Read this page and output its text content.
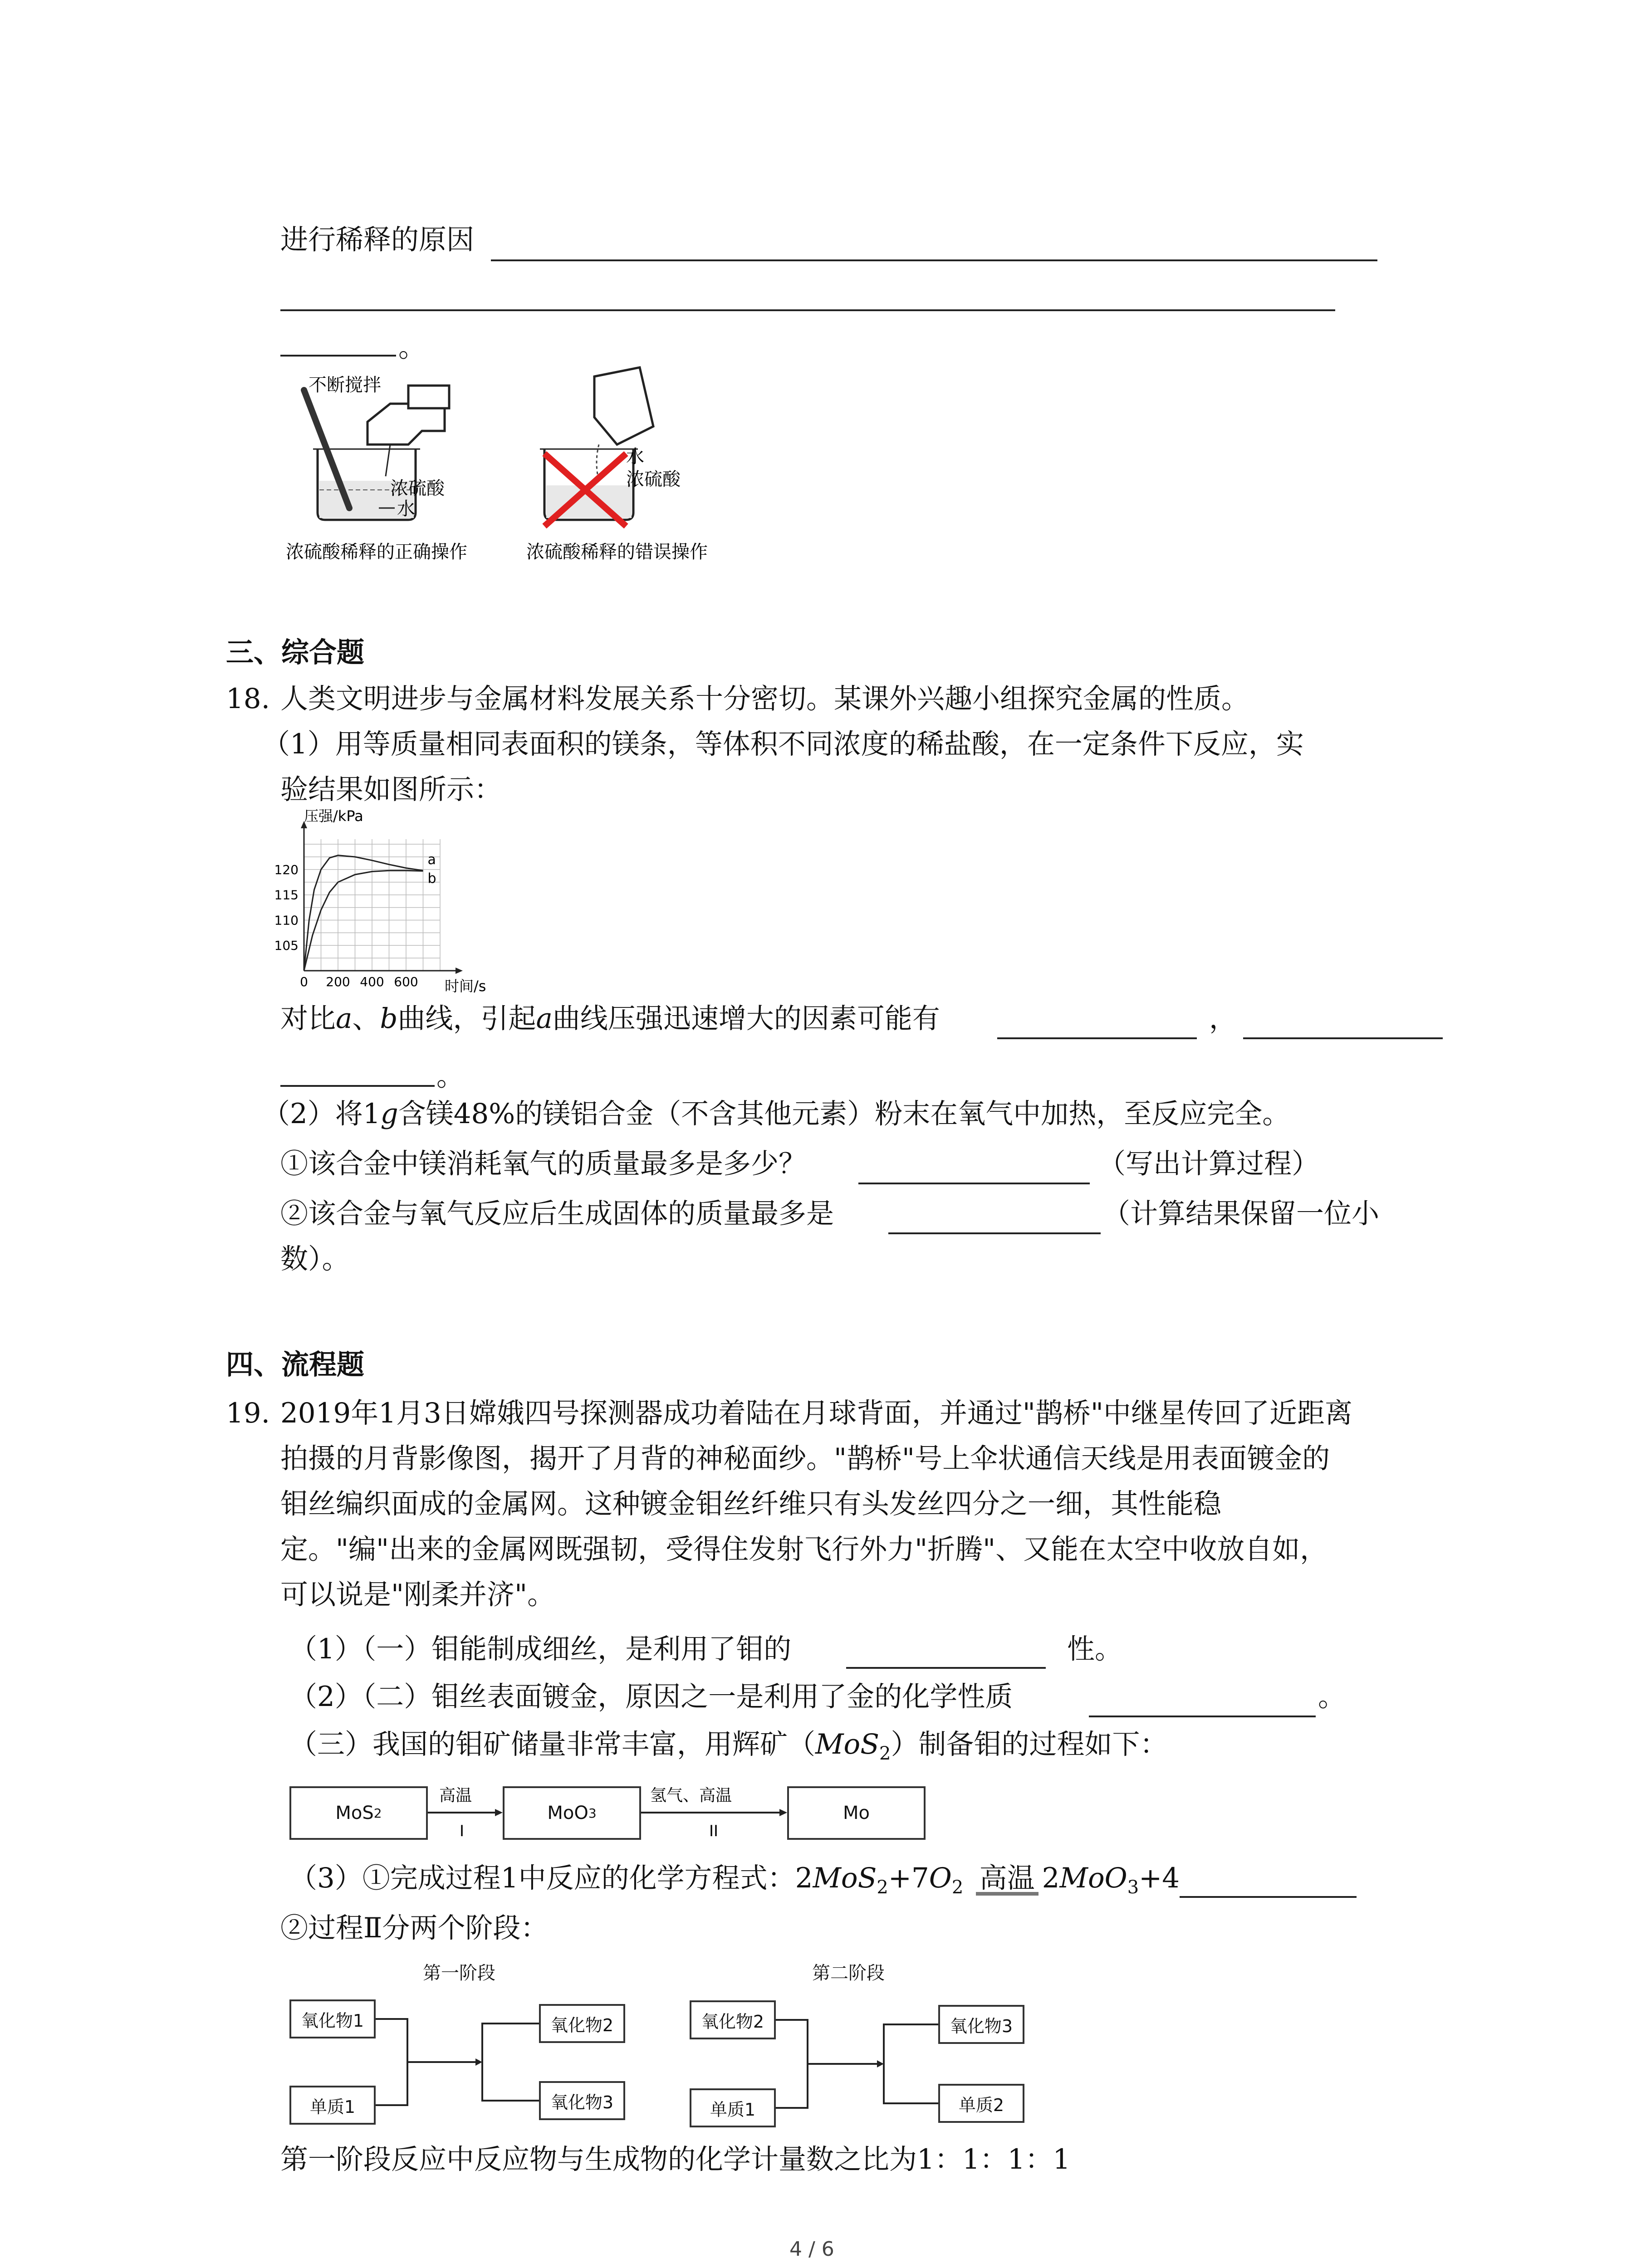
进行稀释的原因
。
不断搅拌
浓硫酸
水
浓硫酸稀释的正确操作
水
浓硫酸
浓硫酸稀释的错误操作
三、综合题
18. 人类文明进步与金属材料发展关系十分密切。某课外兴趣小组探究金属的性质。
（1）用等质量相同表面积的镁条，等体积不同浓度的稀盐酸，在一定条件下反应，实
验结果如图所示：
压强/kPa
时间/s
0 200 400 600
105
110
115
120
a
b
对比a、b曲线，引起a曲线压强迅速增大的因素可能有	，
。
（2）将1g含镁48%的镁铝合金（不含其他元素）粉末在氧气中加热，至反应完全。
①该合金中镁消耗氧气的质量最多是多少？	（写出计算过程）
②该合金与氧气反应后生成固体的质量最多是	（计算结果保留一位小
数）。
四、流程题
19. 2019年1月3日嫦娥四号探测器成功着陆在月球背面，并通过"鹊桥"中继星传回了近距离
拍摄的月背影像图，揭开了月背的神秘面纱。"鹊桥"号上伞状通信天线是用表面镀金的
钼丝编织面成的金属网。这种镀金钼丝纤维只有头发丝四分之一细，其性能稳
定。"编"出来的金属网既强韧，受得住发射飞行外力"折腾"、又能在太空中收放自如，
可以说是"刚柔并济"。
（1）（一）钼能制成细丝，是利用了钼的	性。
（2）（二）钼丝表面镀金，原因之一是利用了金的化学性质	。
（三）我国的钼矿储量非常丰富，用辉矿（MoS$_2$）制备钼的过程如下：
MoS 2	MoO 3	Mo
高温
I
氢气、高温
II
（3）①完成过程1中反应的化学方程式：$2MoS_2+7O_2$ 高温 2MoO$_3$+4
②过程Ⅱ分两个阶段：
第一阶段	第二阶段
氧化物1
单质1
氧化物2
氧化物3
氧化物2
单质1
氧化物3
单质2
第一阶段反应中反应物与生成物的化学计量数之比为1：1：1：1
4 / 6
